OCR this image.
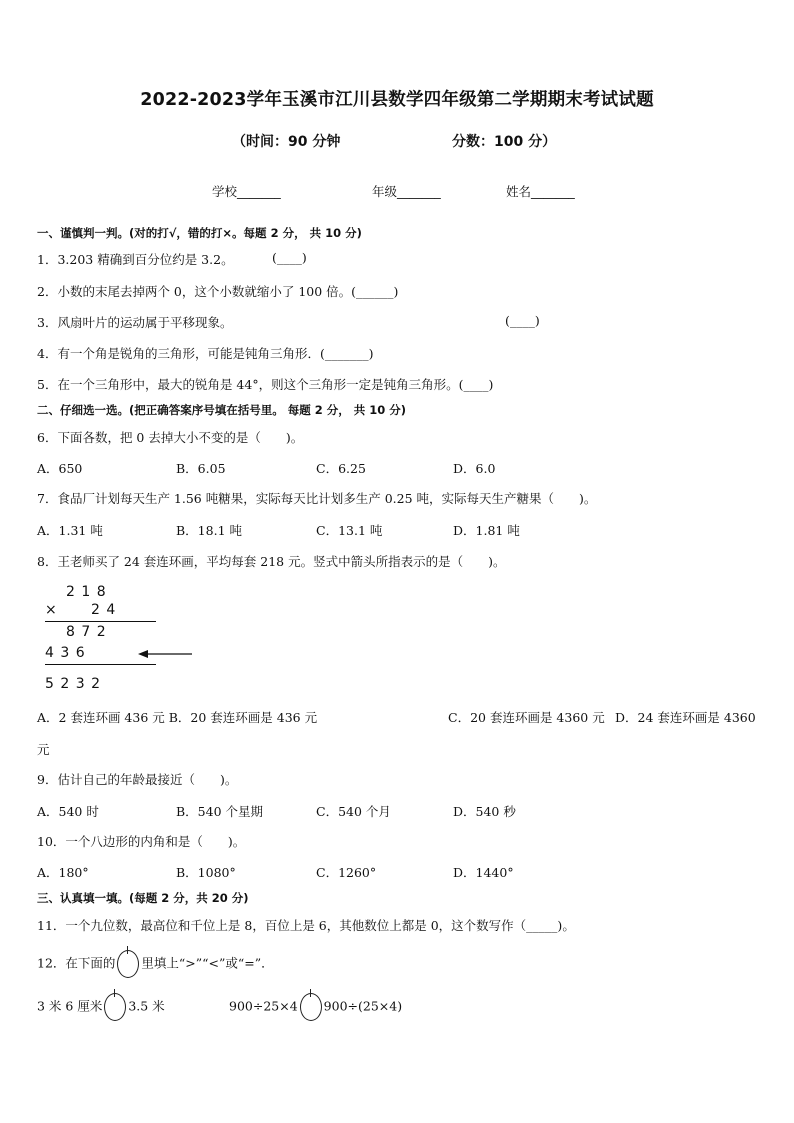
2022-2023学年玉溪市江川县数学四年级第二学期期末考试试题
（时间：90 分钟	分数：100 分）
学校_______	年级_______	姓名_______
一、谨慎判一判。(对的打√，错的打×。每题 2 分， 共 10 分)
1．3.203 精确到百分位约是 3.2。	(____)
2．小数的末尾去掉两个 0，这个小数就缩小了 100 倍。(______)
3．风扇叶片的运动属于平移现象。	(____)
4．有一个角是锐角的三角形，可能是钝角三角形．(_______)
5．在一个三角形中，最大的锐角是 44°，则这个三角形一定是钝角三角形。(____)
二、仔细选一选。(把正确答案序号填在括号里。 每题 2 分， 共 10 分)
6．下面各数，把 0 去掉大小不变的是（　　)。
A．650	B．6.05	C．6.25	D．6.0
7．食品厂计划每天生产 1.56 吨糖果，实际每天比计划多生产 0.25 吨，实际每天生产糖果（　　)。
A．1.31 吨	B．18.1 吨	C．13.1 吨	D．1.81 吨
8．王老师买了 24 套连环画，平均每套 218 元。竖式中箭头所指表示的是（　　)。
2 1 8
× 2 4
8 7 2
4 3 6
5 2 3 2
A．2 套连环画 436 元 B．20 套连环画是 436 元	C．20 套连环画是 4360 元 D．24 套连环画是 4360
元
9．估计自己的年龄最接近（　　)。
A．540 时	B．540 个星期	C．540 个月	D．540 秒
10．一个八边形的内角和是（　　)。
A．180°	B．1080°	C．1260°	D．1440°
三、认真填一填。(每题 2 分，共 20 分)
11．一个九位数，最高位和千位上是 8，百位上是 6，其他数位上都是 0，这个数写作（_____)。
12．在下面的 里填上“>”“<”或“=”．
3 米 6 厘米 3.5 米	900÷25×4 900÷(25×4)
